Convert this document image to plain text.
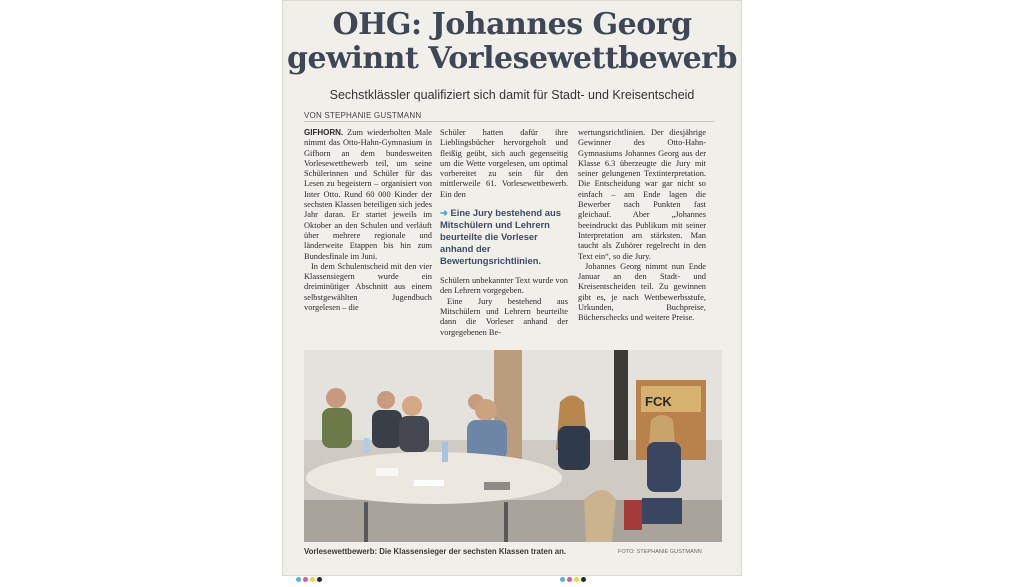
OHG: Johannes Georg
gewinnt Vorlesewettbewerb
Sechstklässler qualifiziert sich damit für Stadt- und Kreisentscheid
VON STEPHANIE GUSTMANN

GIFHORN. Zum wiederholten Male nimmt das Otto-Hahn-Gymnasium in Gifhorn an dem bundesweiten Vorlesewettbewerb teil, um seine Schülerinnen und Schüler für das Lesen zu begeistern – organisiert von Inter Otto. Rund 60 000 Kinder der sechsten Klassen beteiligen sich jedes Jahr daran. Er startet jeweils im Oktober an den Schulen und verläuft über mehrere regionale und länderweite Etappen bis hin zum Bundesfinale im Juni.

In dem Schulentscheid mit den vier Klassensiegern wurde ein dreiminütiger Abschnitt aus einem selbstgewählten Jugendbuch vorgelesen – die

Schüler hatten dafür ihre Lieblingsbücher hervorgeholt und fleißig geübt, sich auch gegenseitig um die Wette vorgelesen, um optimal vorbereitet zu sein für den mittlerweile 61. Vorlesewettbewerb. Ein den

➜ Eine Jury bestehend aus Mitschülern und Lehrern beurteilte die Vorleser anhand der Bewertungsrichtlinien.

Schülern unbekannter Text wurde von den Lehrern vorgegeben.

Eine Jury bestehend aus Mitschülern und Lehrern beurteilte dann die Vorleser anhand der vorgegebenen Be-

wertungsrichtlinien. Der diesjährige Gewinner des Otto-Hahn-Gymnasiums Johannes Georg aus der Klasse 6.3 überzeugte die Jury mit seiner gelungenen Textinterpretation. Die Entscheidung war gar nicht so einfach – am Ende lagen die Bewerber nach Punkten fast gleichauf. Aber „Johannes beeindruckt das Publikum mit seiner Interpretation am stärksten. Man taucht als Zuhörer regelrecht in den Text ein“, so die Jury.

Johannes Georg nimmt nun Ende Januar an den Stadt- und Kreisentscheiden teil. Zu gewinnen gibt es, je nach Wettbewerbsstufe, Urkunden, Buchpreise, Bücherschecks und weitere Preise.

FCK
Vorlesewettbewerb: Die Klassensieger der sechsten Klassen traten an.	FOTO: STEPHANIE GUSTMANN
